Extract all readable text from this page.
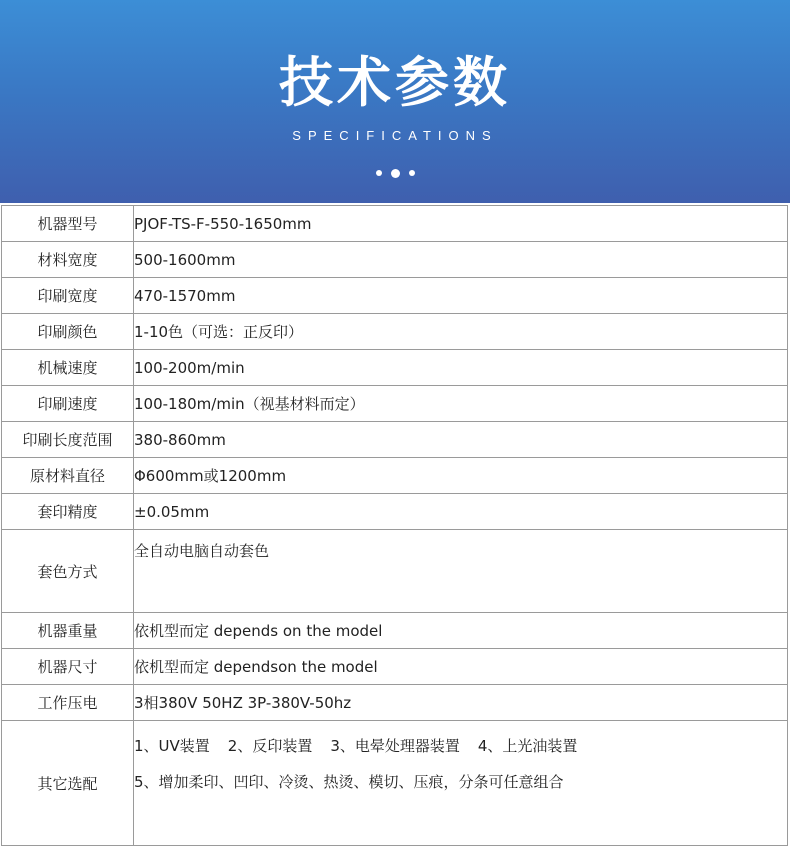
技术参数
SPECIFICATIONS
机器型号	PJOF-TS-F-550-1650mm
材料宽度	500-1600mm
印刷宽度	470-1570mm
印刷颜色	1-10色（可选：正反印）
机械速度	100-200m/min
印刷速度	100-180m/min（视基材料而定）
印刷长度范围	380-860mm
原材料直径	Φ600mm或1200mm
套印精度	±0.05mm
套色方式	全自动电脑自动套色
机器重量	依机型而定 depends on the model
机器尺寸	依机型而定 dependson the model
工作压电	3相380V 50HZ 3P-380V-50hz
其它选配	1、UV装置 2、反印装置 3、电晕处理器装置 4、上光油装置
5、增加柔印、凹印、冷烫、热烫、模切、压痕，分条可任意组合
